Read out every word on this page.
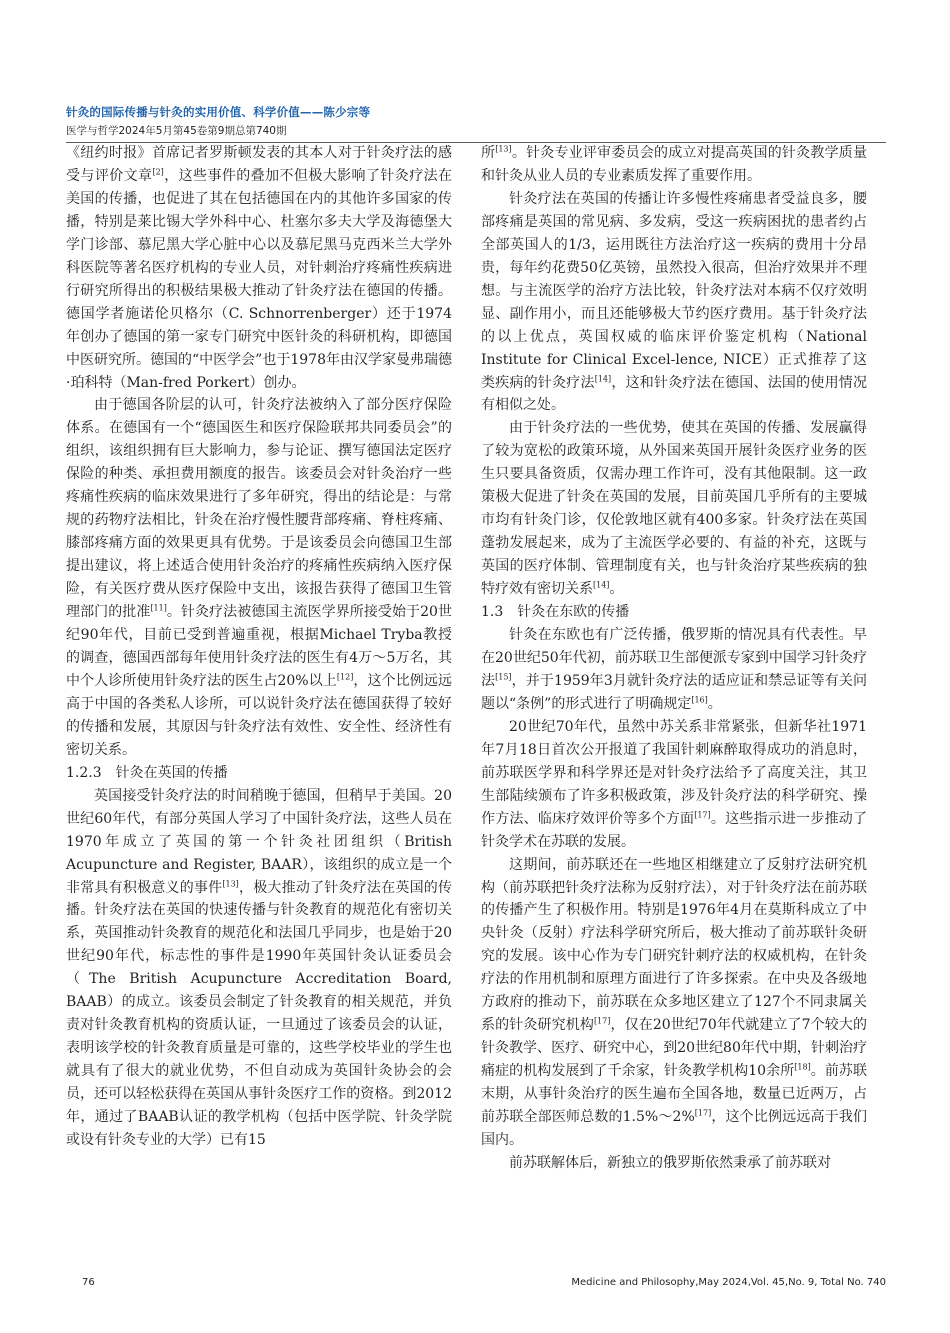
针灸的国际传播与针灸的实用价值、科学价值——陈少宗等
医学与哲学2024年5月第45卷第9期总第740期

《纽约时报》首席记者罗斯顿发表的其本人对于针灸疗法的感受与评价文章[2]，这些事件的叠加不但极大影响了针灸疗法在美国的传播，也促进了其在包括德国在内的其他许多国家的传播，特别是莱比锡大学外科中心、杜塞尔多夫大学及海德堡大学门诊部、慕尼黑大学心脏中心以及慕尼黑马克西米兰大学外科医院等著名医疗机构的专业人员，对针刺治疗疼痛性疾病进行研究所得出的积极结果极大推动了针灸疗法在德国的传播。德国学者施诺伦贝格尔（C. Schnorrenberger）还于1974年创办了德国的第一家专门研究中医针灸的科研机构，即德国中医研究所。德国的“中医学会”也于1978年由汉学家曼弗瑞德·珀科特（Man-fred Porkert）创办。

由于德国各阶层的认可，针灸疗法被纳入了部分医疗保险体系。在德国有一个“德国医生和医疗保险联邦共同委员会”的组织，该组织拥有巨大影响力，参与论证、撰写德国法定医疗保险的种类、承担费用额度的报告。该委员会对针灸治疗一些疼痛性疾病的临床效果进行了多年研究，得出的结论是：与常规的药物疗法相比，针灸在治疗慢性腰背部疼痛、脊柱疼痛、膝部疼痛方面的效果更具有优势。于是该委员会向德国卫生部提出建议，将上述适合使用针灸治疗的疼痛性疾病纳入医疗保险，有关医疗费从医疗保险中支出，该报告获得了德国卫生管理部门的批准[11]。针灸疗法被德国主流医学界所接受始于20世纪90年代，目前已受到普遍重视，根据Michael Tryba教授的调查，德国西部每年使用针灸疗法的医生有4万～5万名，其中个人诊所使用针灸疗法的医生占20%以上[12]，这个比例远远高于中国的各类私人诊所，可以说针灸疗法在德国获得了较好的传播和发展，其原因与针灸疗法有效性、安全性、经济性有密切关系。

1.2.3　针灸在英国的传播

英国接受针灸疗法的时间稍晚于德国，但稍早于美国。20世纪60年代，有部分英国人学习了中国针灸疗法，这些人员在1970年成立了英国的第一个针灸社团组织（British Acupuncture and Register, BAAR），该组织的成立是一个非常具有积极意义的事件[13]，极大推动了针灸疗法在英国的传播。针灸疗法在英国的快速传播与针灸教育的规范化有密切关系，英国推动针灸教育的规范化和法国几乎同步，也是始于20世纪90年代，标志性的事件是1990年英国针灸认证委员会（The British Acupuncture Accreditation Board, BAAB）的成立。该委员会制定了针灸教育的相关规范，并负责对针灸教育机构的资质认证，一旦通过了该委员会的认证，表明该学校的针灸教育质量是可靠的，这些学校毕业的学生也就具有了很大的就业优势，不但自动成为英国针灸协会的会员，还可以轻松获得在英国从事针灸医疗工作的资格。到2012年，通过了BAAB认证的教学机构（包括中医学院、针灸学院或设有针灸专业的大学）已有15

所[13]。针灸专业评审委员会的成立对提高英国的针灸教学质量和针灸从业人员的专业素质发挥了重要作用。

针灸疗法在英国的传播让许多慢性疼痛患者受益良多，腰部疼痛是英国的常见病、多发病，受这一疾病困扰的患者约占全部英国人的1/3，运用既往方法治疗这一疾病的费用十分昂贵，每年约花费50亿英镑，虽然投入很高，但治疗效果并不理想。与主流医学的治疗方法比较，针灸疗法对本病不仅疗效明显、副作用小，而且还能够极大节约医疗费用。基于针灸疗法的以上优点，英国权威的临床评价鉴定机构（National Institute for Clinical Excel-lence, NICE）正式推荐了这类疾病的针灸疗法[14]，这和针灸疗法在德国、法国的使用情况有相似之处。

由于针灸疗法的一些优势，使其在英国的传播、发展赢得了较为宽松的政策环境，从外国来英国开展针灸医疗业务的医生只要具备资质，仅需办理工作许可，没有其他限制。这一政策极大促进了针灸在英国的发展，目前英国几乎所有的主要城市均有针灸门诊，仅伦敦地区就有400多家。针灸疗法在英国蓬勃发展起来，成为了主流医学必要的、有益的补充，这既与英国的医疗体制、管理制度有关，也与针灸治疗某些疾病的独特疗效有密切关系[14]。

1.3　针灸在东欧的传播

针灸在东欧也有广泛传播，俄罗斯的情况具有代表性。早在20世纪50年代初，前苏联卫生部便派专家到中国学习针灸疗法[15]，并于1959年3月就针灸疗法的适应证和禁忌证等有关问题以“条例”的形式进行了明确规定[16]。

20世纪70年代，虽然中苏关系非常紧张，但新华社1971年7月18日首次公开报道了我国针刺麻醉取得成功的消息时，前苏联医学界和科学界还是对针灸疗法给予了高度关注，其卫生部陆续颁布了许多积极政策，涉及针灸疗法的科学研究、操作方法、临床疗效评价等多个方面[17]。这些指示进一步推动了针灸学术在苏联的发展。

这期间，前苏联还在一些地区相继建立了反射疗法研究机构（前苏联把针灸疗法称为反射疗法），对于针灸疗法在前苏联的传播产生了积极作用。特别是1976年4月在莫斯科成立了中央针灸（反射）疗法科学研究所后，极大推动了前苏联针灸研究的发展。该中心作为专门研究针刺疗法的权威机构，在针灸疗法的作用机制和原理方面进行了许多探索。在中央及各级地方政府的推动下，前苏联在众多地区建立了127个不同隶属关系的针灸研究机构[17]，仅在20世纪70年代就建立了7个较大的针灸教学、医疗、研究中心，到20世纪80年代中期，针刺治疗痛症的机构发展到了千余家，针灸教学机构10余所[18]。前苏联末期，从事针灸治疗的医生遍布全国各地，数量已近两万，占前苏联全部医师总数的1.5%～2%[17]，这个比例远远高于我们国内。

前苏联解体后，新独立的俄罗斯依然秉承了前苏联对

76	Medicine and Philosophy,May 2024,Vol. 45,No. 9, Total No. 740
